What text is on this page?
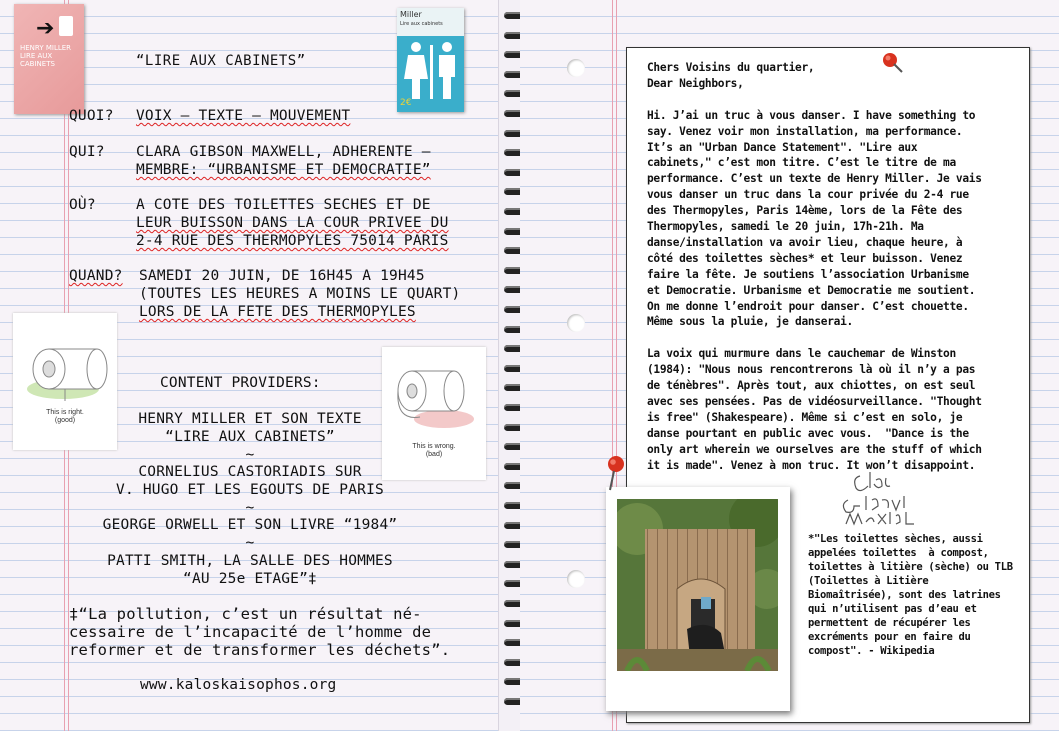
➔
HENRY MILLER LIRE AUX CABINETS	“LIRE AUX CABINETS”
Miller
Lire aux cabinets
2€
QUOI? VOIX – TEXTE – MOUVEMENT
QUI? CLARA GIBSON MAXWELL, ADHERENTE –
MEMBRE: “URBANISME ET DEMOCRATIE”
OÙ?	A COTE DES TOILETTES SECHES ET DE
LEUR BUISSON DANS LA COUR PRIVEE DU
2-4 RUE DES THERMOPYLES 75014 PARIS
QUAND? SAMEDI 20 JUIN, DE 16H45 A 19H45
(TOUTES LES HEURES A MOINS LE QUART)
LORS DE LA FETE DES THERMOPYLES
This is right.
(good)
This is wrong.
(bad)
CONTENT PROVIDERS:
HENRY MILLER ET SON TEXTE
“LIRE AUX CABINETS”
~
CORNELIUS CASTORIADIS SUR
V. HUGO ET LES EGOUTS DE PARIS
~
GEORGE ORWELL ET SON LIVRE “1984”
~
PATTI SMITH, LA SALLE DES HOMMES
“AU 25e ETAGE”‡
‡“La pollution, c’est un résultat né-
cessaire de l’incapacité de l’homme de
reformer et de transformer les déchets”.
www.kaloskaisophos.org
Chers Voisins du quartier,
Dear Neighbors,
Hi. J’ai un truc à vous danser. I have something to
say. Venez voir mon installation, ma performance.
It’s an "Urban Dance Statement". "Lire aux
cabinets," c’est mon titre. C’est le titre de ma
performance. C’est un texte de Henry Miller. Je vais
vous danser un truc dans la cour privée du 2-4 rue
des Thermopyles, Paris 14ème, lors de la Fête des
Thermopyles, samedi le 20 juin, 17h-21h. Ma
danse/installation va avoir lieu, chaque heure, à
côté des toilettes sèches* et leur buisson. Venez
faire la fête. Je soutiens l’association Urbanisme
et Democratie. Urbanisme et Democratie me soutient.
On me donne l’endroit pour danser. C’est chouette.
Même sous la pluie, je danserai.
La voix qui murmure dans le cauchemar de Winston
(1984): "Nous nous rencontrerons là où il n’y a pas
de ténèbres". Après tout, aux chiottes, on est seul
avec ses pensées. Pas de vidéosurveillance. "Thought
is free" (Shakespeare). Même si c’est en solo, je
danse pourtant en public avec vous.  "Dance is the
only art wherein we ourselves are the stuff of which
it is made". Venez à mon truc. It won’t disappoint.
*"Les toilettes sèches, aussi
appelées toilettes  à compost,
toilettes à litière (sèche) ou TLB
(Toilettes à Litière
Biomaîtrisée), sont des latrines
qui n’utilisent pas d’eau et
permettent de récupérer les
excréments pour en faire du
compost". - Wikipedia
